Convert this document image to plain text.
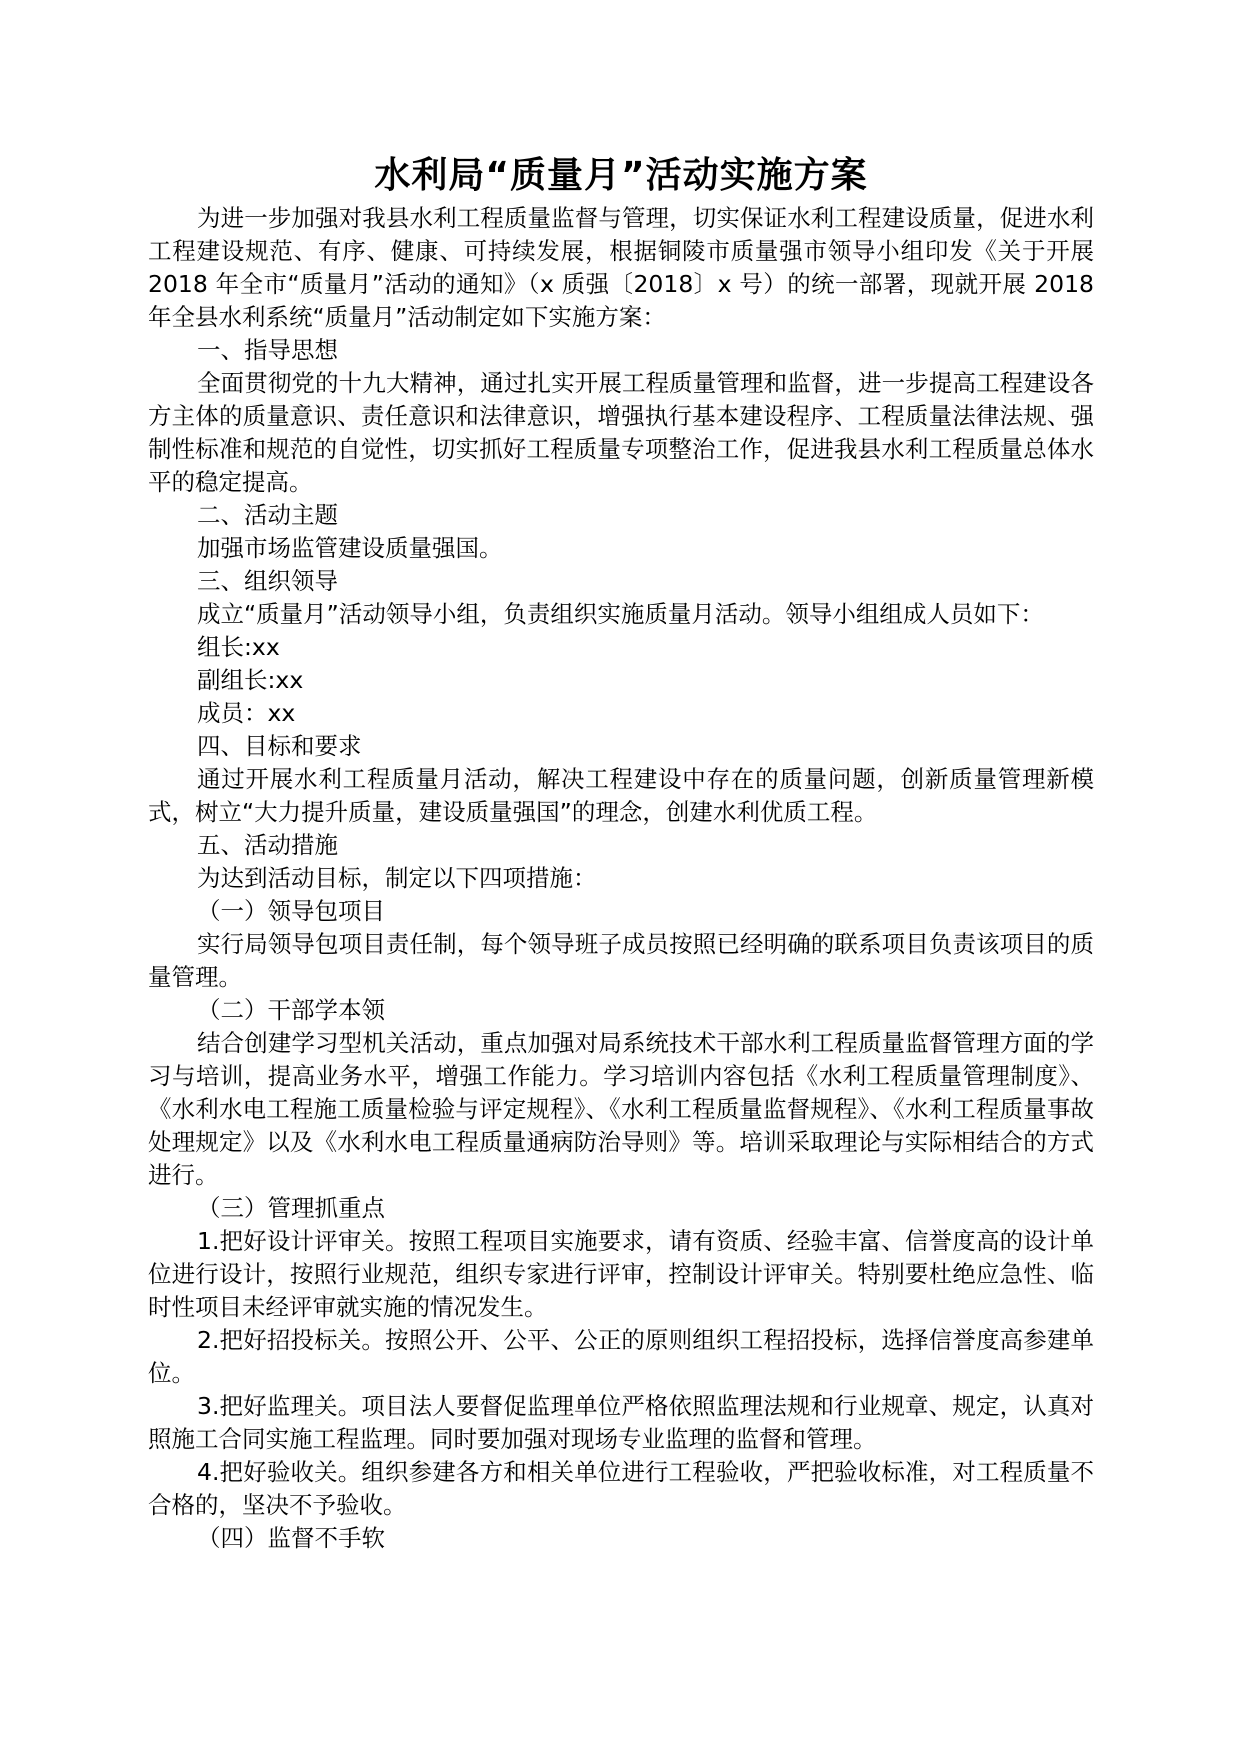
水利局“质量月”活动实施方案

为进一步加强对我县水利工程质量监督与管理，切实保证水利工程建设质量，促进水利工程建设规范、有序、健康、可持续发展，根据铜陵市质量强市领导小组印发《关于开展 2018 年全市“质量月”活动的通知》（x 质强〔2018〕x 号）的统一部署，现就开展 2018 年全县水利系统“质量月”活动制定如下实施方案：

一、指导思想

全面贯彻党的十九大精神，通过扎实开展工程质量管理和监督，进一步提高工程建设各方主体的质量意识、责任意识和法律意识，增强执行基本建设程序、工程质量法律法规、强制性标准和规范的自觉性，切实抓好工程质量专项整治工作，促进我县水利工程质量总体水平的稳定提高。

二、活动主题

加强市场监管建设质量强国。

三、组织领导

成立“质量月”活动领导小组，负责组织实施质量月活动。领导小组组成人员如下：

组长:xx

副组长:xx

成员：xx

四、目标和要求

通过开展水利工程质量月活动，解决工程建设中存在的质量问题，创新质量管理新模式，树立“大力提升质量，建设质量强国”的理念，创建水利优质工程。

五、活动措施

为达到活动目标，制定以下四项措施：

（一）领导包项目

实行局领导包项目责任制，每个领导班子成员按照已经明确的联系项目负责该项目的质量管理。

（二）干部学本领

结合创建学习型机关活动，重点加强对局系统技术干部水利工程质量监督管理方面的学习与培训，提高业务水平，增强工作能力。学习培训内容包括《水利工程质量管理制度》、《水利水电工程施工质量检验与评定规程》、《水利工程质量监督规程》、《水利工程质量事故处理规定》以及《水利水电工程质量通病防治导则》等。培训采取理论与实际相结合的方式进行。

（三）管理抓重点

1.把好设计评审关。按照工程项目实施要求，请有资质、经验丰富、信誉度高的设计单位进行设计，按照行业规范，组织专家进行评审，控制设计评审关。特别要杜绝应急性、临时性项目未经评审就实施的情况发生。

2.把好招投标关。按照公开、公平、公正的原则组织工程招投标，选择信誉度高参建单位。

3.把好监理关。项目法人要督促监理单位严格依照监理法规和行业规章、规定，认真对照施工合同实施工程监理。同时要加强对现场专业监理的监督和管理。

4.把好验收关。组织参建各方和相关单位进行工程验收，严把验收标准，对工程质量不合格的，坚决不予验收。

（四）监督不手软
